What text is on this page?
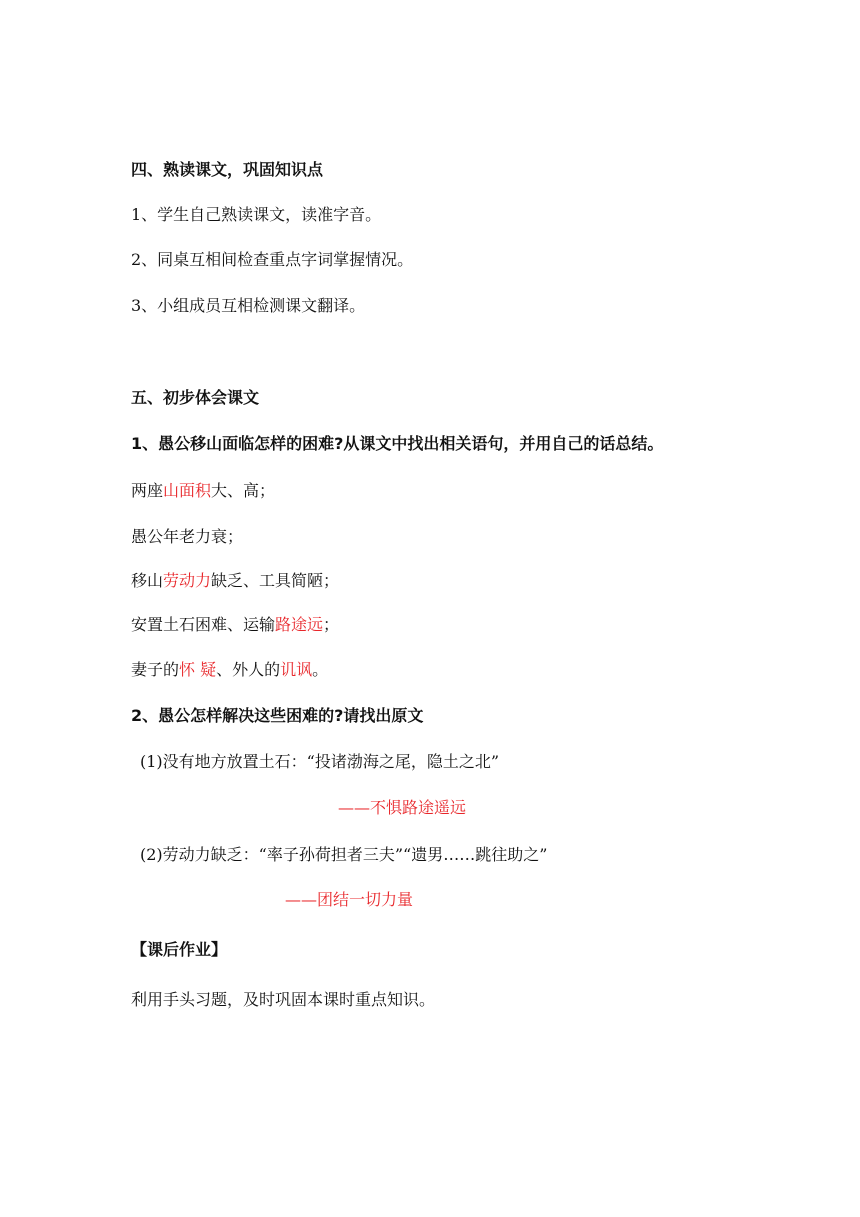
四、熟读课文，巩固知识点
1、学生自己熟读课文，读准字音。
2、同桌互相间检查重点字词掌握情况。
3、小组成员互相检测课文翻译。
五、初步体会课文
1、愚公移山面临怎样的困难?从课文中找出相关语句，并用自己的话总结。
两座山面积大、高；
愚公年老力衰；
移山劳动力缺乏、工具简陋；
安置土石困难、运输路途远；
妻子的怀 疑、外人的讥讽。
2、愚公怎样解决这些困难的?请找出原文
(1)没有地方放置土石：“投诸渤海之尾，隐土之北”
——不惧路途遥远
(2)劳动力缺乏：“率子孙荷担者三夫”“遗男……跳往助之”
——团结一切力量
【课后作业】
利用手头习题，及时巩固本课时重点知识。
